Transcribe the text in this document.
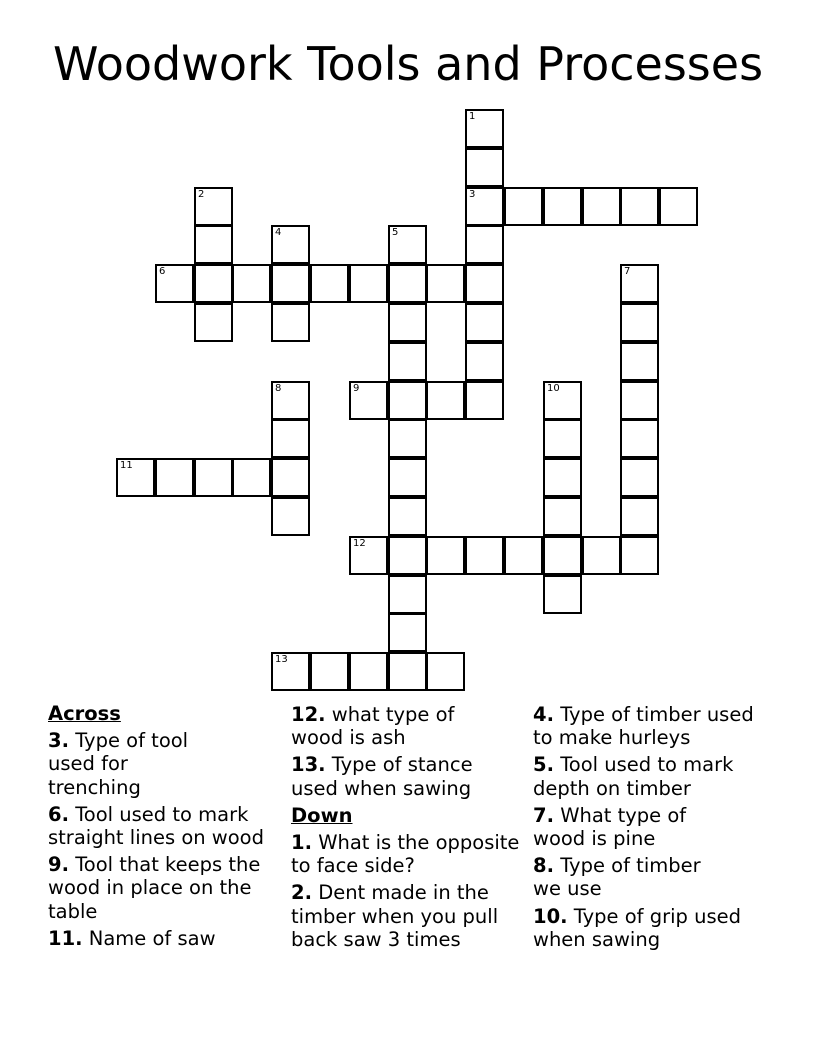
Woodwork Tools and Processes
1
2	3
4	5
6	7
8	9	10
11
12
13
Across
3. Type of tool used for trenching
6. Tool used to mark straight lines on wood
9. Tool that keeps the wood in place on the table
11. Name of saw
12. what type of wood is ash
13. Type of stance used when sawing
Down
1. What is the opposite to face side?
2. Dent made in the timber when you pull back saw 3 times
4. Type of timber used to make hurleys
5. Tool used to mark depth on timber
7. What type of wood is pine
8. Type of timber we use
10. Type of grip used when sawing
